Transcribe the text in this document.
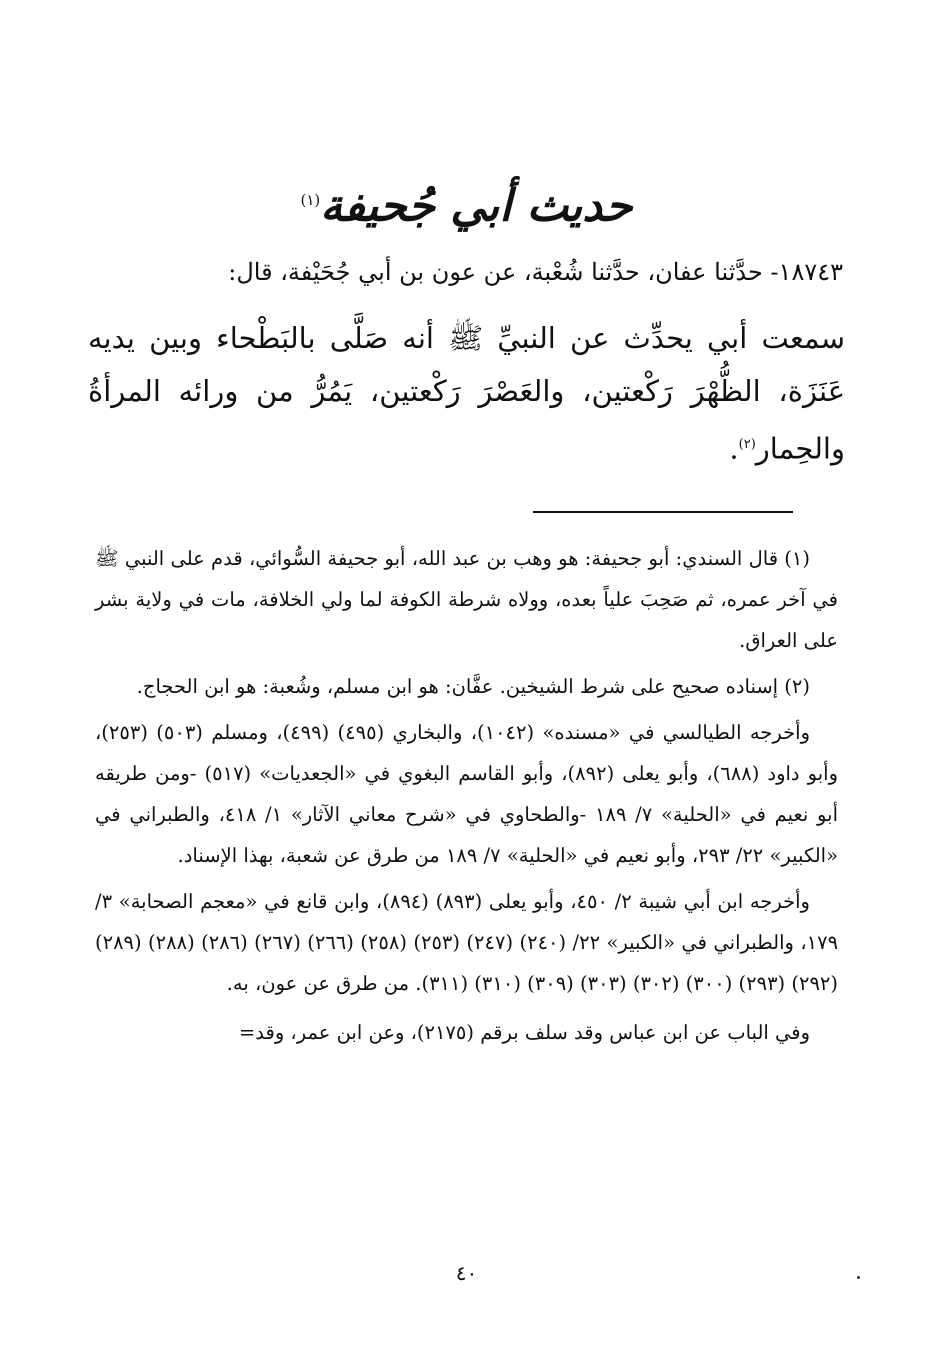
حديث أبي جُحيفة$^{(١)}$
١٨٧٤٣- حدَّثنا عفان، حدَّثنا شُعْبة، عن عون بن أبي جُحَيْفة، قال:
سمعت أبي يحدِّث عن النبيِّ ﷺ أنه صَلَّى بالبَطْحاء وبين يديه عَنَزَة، الظُّهْرَ رَكْعتين، والعَصْرَ رَكْعتين، يَمُرُّ من ورائه المرأةُ والحِمار$^{(٢)}$.

(١) قال السندي: أبو جحيفة: هو وهب بن عبد الله، أبو جحيفة السُّوائي، قدم على النبي ﷺ في آخر عمره، ثم صَحِبَ علياً بعده، وولاه شرطة الكوفة لما ولي الخلافة، مات في ولاية بشر على العراق.

(٢) إسناده صحيح على شرط الشيخين. عفَّان: هو ابن مسلم، وشُعبة: هو ابن الحجاج.

وأخرجه الطيالسي في «مسنده» (١٠٤٢)، والبخاري (٤٩٥) (٤٩٩)، ومسلم (٥٠٣) (٢٥٣)، وأبو داود (٦٨٨)، وأبو يعلى (٨٩٢)، وأبو القاسم البغوي في «الجعديات» (٥١٧) -ومن طريقه أبو نعيم في «الحلية» ٧/ ١٨٩ -والطحاوي في «شرح معاني الآثار» ١/ ٤١٨، والطبراني في «الكبير» ٢٢/ ٢٩٣، وأبو نعيم في «الحلية» ٧/ ١٨٩ من طرق عن شعبة، بهذا الإسناد.

وأخرجه ابن أبي شيبة ٢/ ٤٥٠، وأبو يعلى (٨٩٣) (٨٩٤)، وابن قانع في «معجم الصحابة» ٣/ ١٧٩، والطبراني في «الكبير» ٢٢/ (٢٤٠) (٢٤٧) (٢٥٣) (٢٥٨) (٢٦٦) (٢٦٧) (٢٨٦) (٢٨٨) (٢٨٩) (٢٩٢) (٢٩٣) (٣٠٠) (٣٠٢) (٣٠٣) (٣٠٩) (٣١٠) (٣١١). من طرق عن عون، به.

وفي الباب عن ابن عباس وقد سلف برقم (٢١٧٥)، وعن ابن عمر، وقد=

٤٠
